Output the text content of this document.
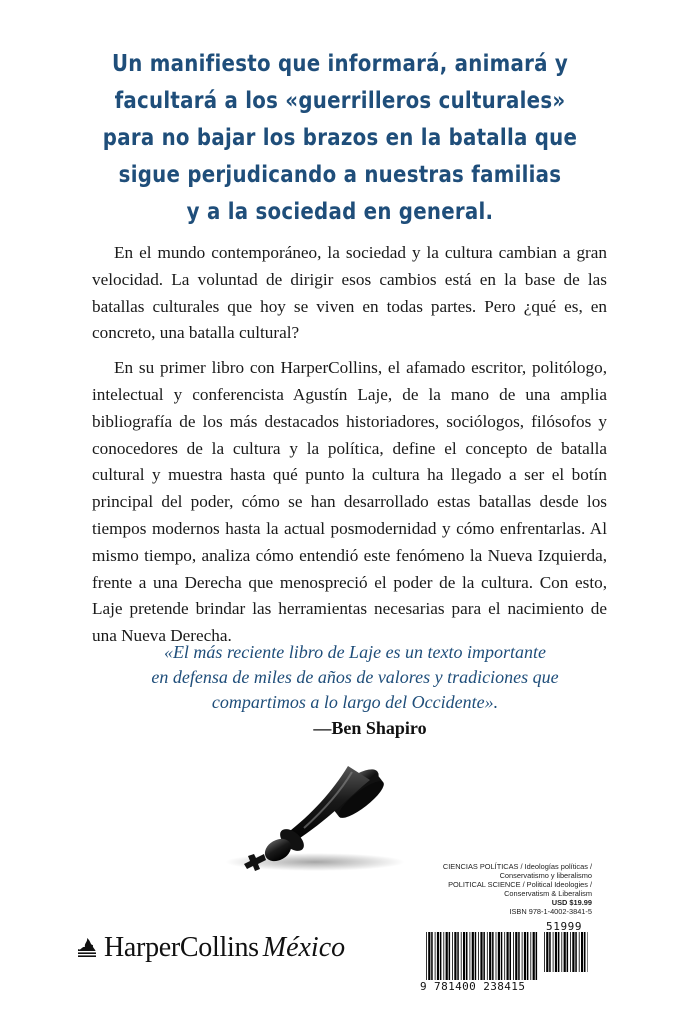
Un manifiesto que informará, animará y
facultará a los «guerrilleros culturales»
para no bajar los brazos en la batalla que
sigue perjudicando a nuestras familias
y a la sociedad en general.

En el mundo contemporáneo, la sociedad y la cultura cambian a gran velocidad. La voluntad de dirigir esos cambios está en la base de las batallas culturales que hoy se viven en todas partes. Pero ¿qué es, en concreto, una batalla cultural?

En su primer libro con HarperCollins, el afamado escritor, politólogo, intelectual y conferencista Agustín Laje, de la mano de una amplia bibliografía de los más destacados historiadores, sociólogos, filósofos y conocedores de la cultura y la política, define el concepto de batalla cultural y muestra hasta qué punto la cultura ha llegado a ser el botín principal del poder, cómo se han desarrollado estas batallas desde los tiempos modernos hasta la actual posmodernidad y cómo enfrentarlas. Al mismo tiempo, analiza cómo entendió este fenómeno la Nueva Izquierda, frente a una Derecha que menospreció el poder de la cultura. Con esto, Laje pretende brindar las herramientas necesarias para el nacimiento de una Nueva Derecha.

«El más reciente libro de Laje es un texto importante
en defensa de miles de años de valores y tradiciones que
compartimos a lo largo del Occidente».
—Ben Shapiro
HarperCollins México
CIENCIAS POLÍTICAS / Ideologías políticas /
Conservatismo y liberalismo
POLITICAL SCIENCE / Political Ideologies /
Conservatism & Liberalism
USD $19.99
ISBN 978-1-4002-3841-5
9 781400 238415
51999
